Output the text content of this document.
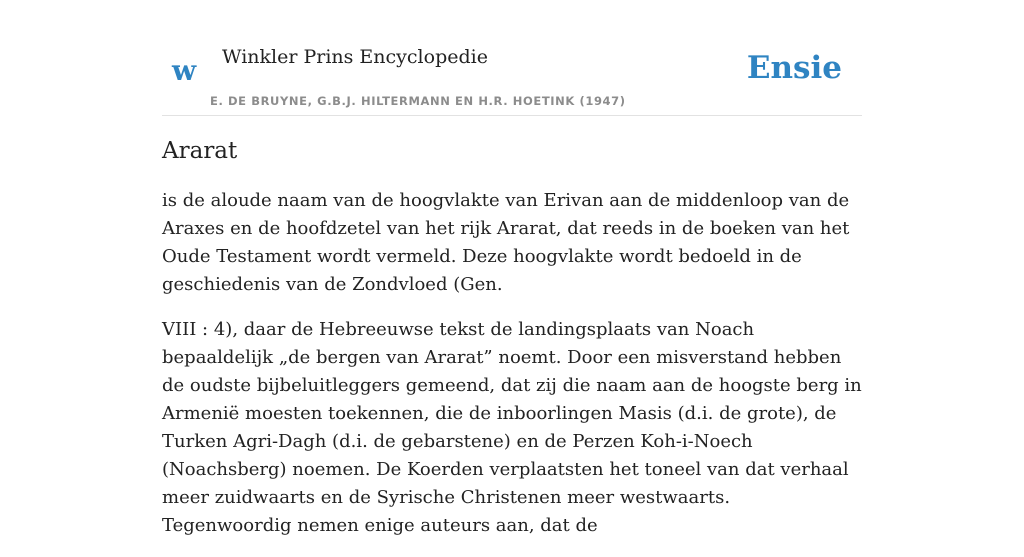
w Winkler Prins Encyclopedie
E. DE BRUYNE, G.B.J. HILTERMANN EN H.R. HOETINK (1947)
Ensie
Ararat

is de aloude naam van de hoogvlakte van Erivan aan de middenloop van de Araxes en de hoofdzetel van het rijk Ararat, dat reeds in de boeken van het Oude Testament wordt vermeld. Deze hoogvlakte wordt bedoeld in de geschiedenis van de Zondvloed (Gen.

VIII : 4), daar de Hebreeuwse tekst de landingsplaats van Noach bepaaldelijk „de bergen van Ararat” noemt. Door een misverstand hebben de oudste bijbeluitleggers gemeend, dat zij die naam aan de hoogste berg in Armenië moesten toekennen, die de inboorlingen Masis (d.i. de grote), de Turken Agri-Dagh (d.i. de gebarstene) en de Perzen Koh-i-Noech (Noachsberg) noemen. De Koerden verplaatsten het toneel van dat verhaal meer zuidwaarts en de Syrische Christenen meer westwaarts. Tegenwoordig nemen enige auteurs aan, dat de
